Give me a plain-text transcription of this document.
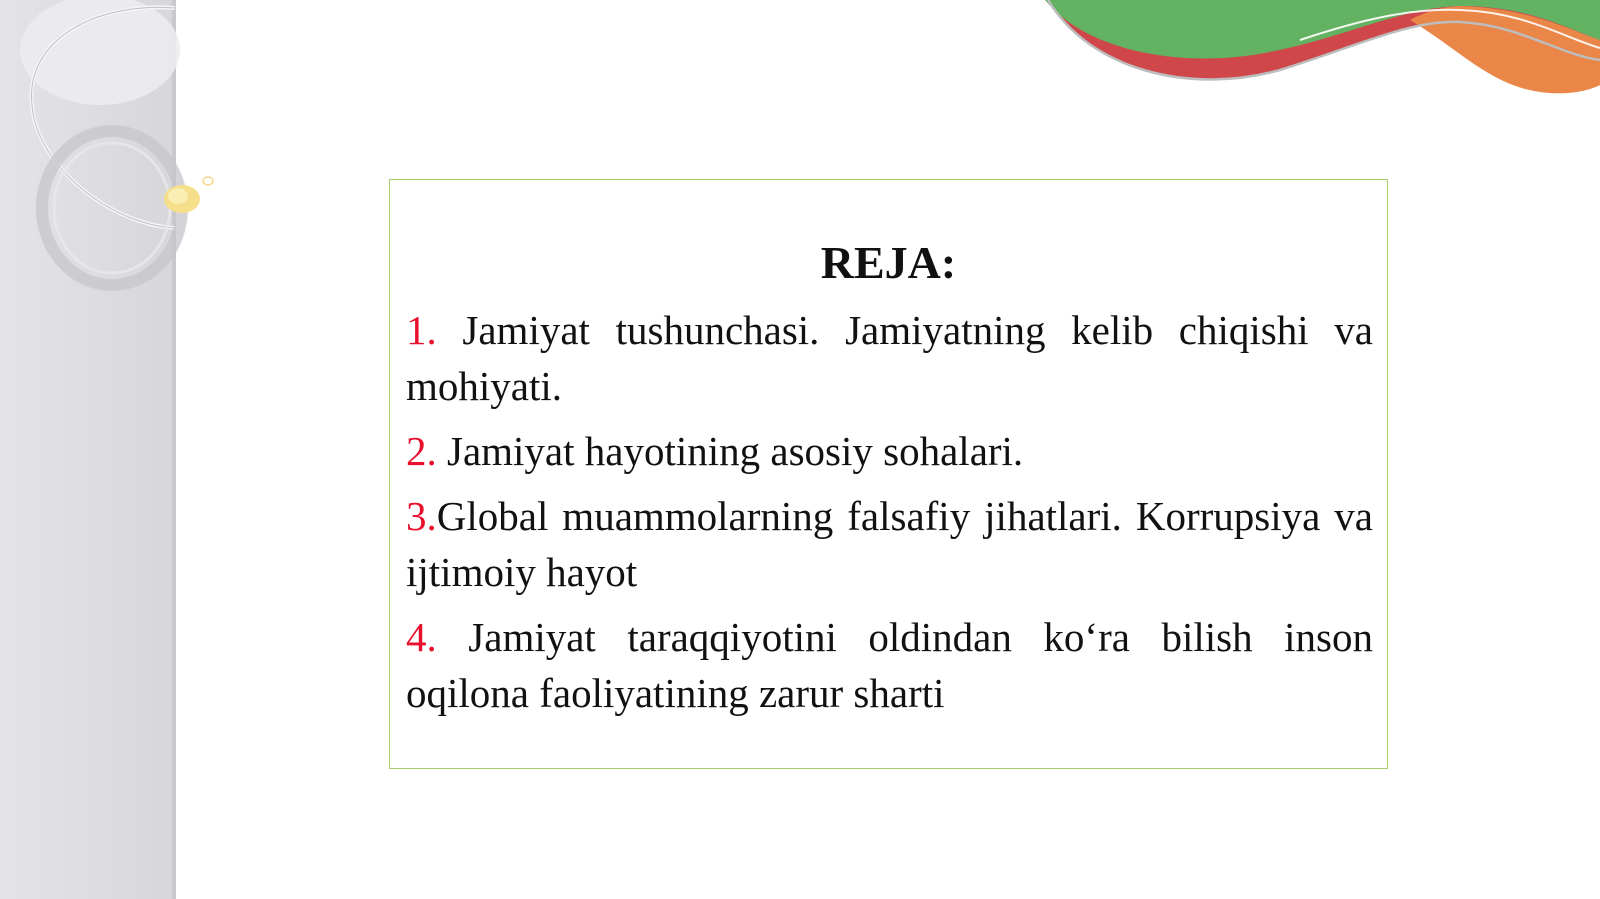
REJA:
1. Jamiyat tushunchasi. Jamiyatning kelib chiqishi va mohiyati.
2. Jamiyat hayotining asosiy sohalari.
3.Global muammolarning falsafiy jihatlari. Korrupsiya va ijtimoiy hayot
4. Jamiyat taraqqiyotini oldindan ko‘ra bilish inson oqilona faoliyatining zarur sharti
